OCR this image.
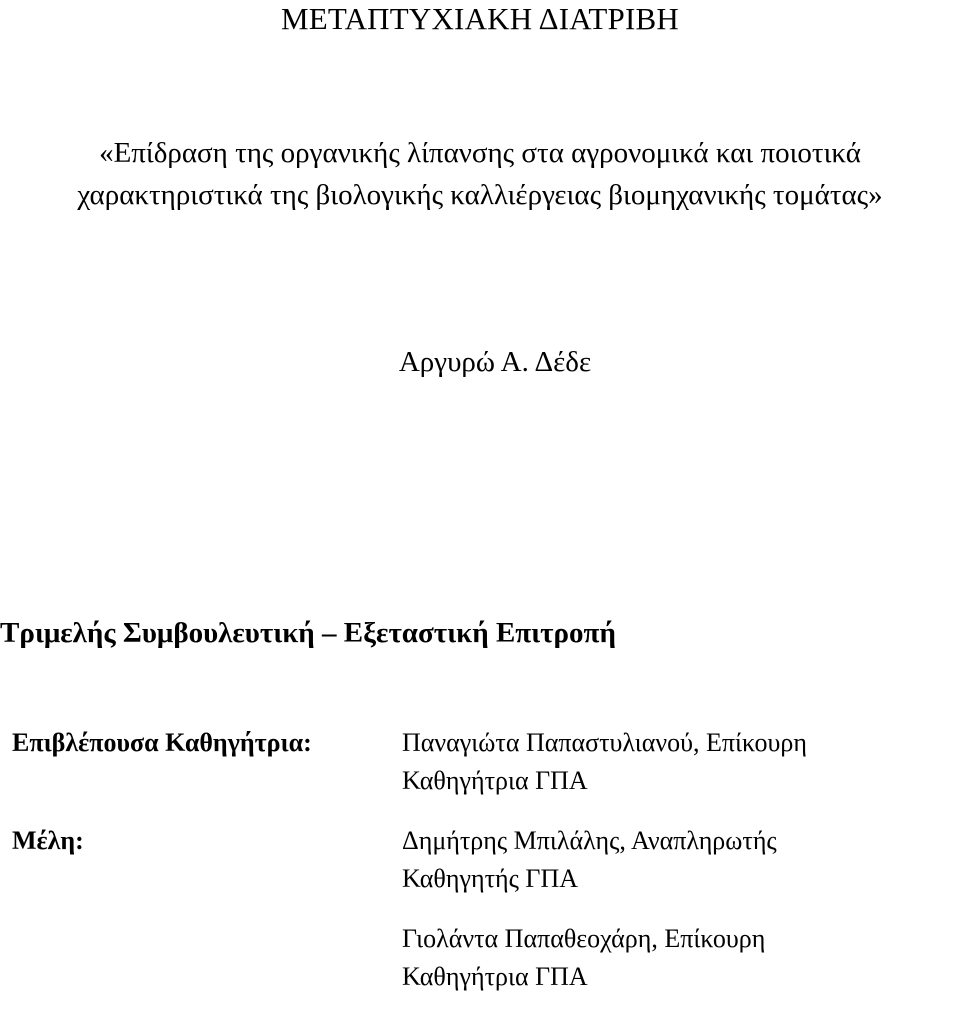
ΜΕΤΑΠΤΥΧΙΑΚΗ ΔΙΑΤΡΙΒΗ
«Επίδραση της οργανικής λίπανσης στα αγρονομικά και ποιοτικά
χαρακτηριστικά της βιολογικής καλλιέργειας βιομηχανικής τομάτας»

Αργυρώ Α. Δέδε

Τριμελής Συμβουλευτική – Εξεταστική Επιτροπή

Επιβλέπουσα Καθηγήτρια:	Παναγιώτα Παπαστυλιανού, Επίκουρη
Καθηγήτρια ΓΠΑ
Μέλη:	Δημήτρης Μπιλάλης, Αναπληρωτής
Καθηγητής ΓΠΑ
Γιολάντα Παπαθεοχάρη, Επίκουρη
Καθηγήτρια ΓΠΑ
